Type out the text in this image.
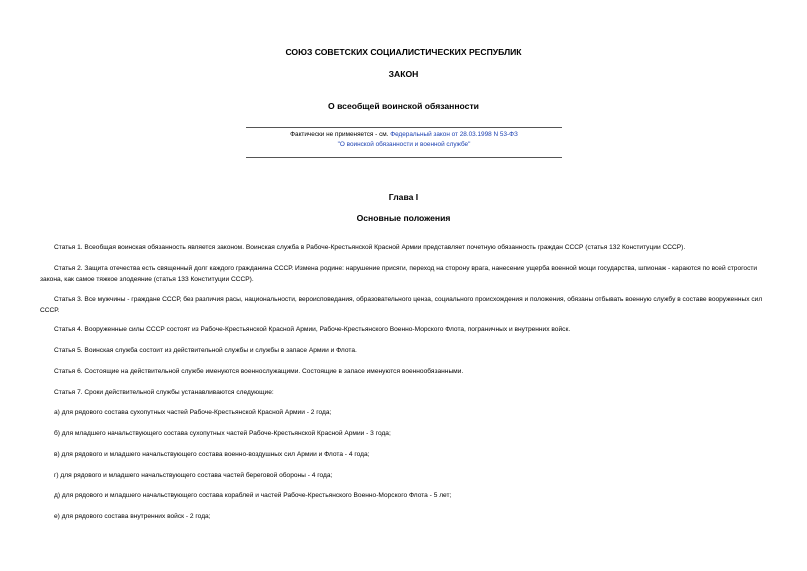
СОЮЗ СОВЕТСКИХ СОЦИАЛИСТИЧЕСКИХ РЕСПУБЛИК
ЗАКОН
О всеобщей воинской обязанности
Фактически не применяется - см. Федеральный закон от 28.03.1998 N 53-ФЗ
"О воинской обязанности и военной службе"
Глава I
Основные положения

Статья 1. Всеобщая воинская обязанность является законом. Воинская служба в Рабоче-Крестьянской Красной Армии представляет почетную обязанность граждан СССР (статья 132 Конституции СССР).

Статья 2. Защита отечества есть священный долг каждого гражданина СССР. Измена родине: нарушение присяги, переход на сторону врага, нанесение ущерба военной мощи государства, шпионаж - караются по всей строгости закона, как самое тяжкое злодеяние (статья 133 Конституции СССР).

Статья 3. Все мужчины - граждане СССР, без различия расы, национальности, вероисповедания, образовательного ценза, социального происхождения и положения, обязаны отбывать военную службу в составе вооруженных сил СССР.

Статья 4. Вооруженные силы СССР состоят из Рабоче-Крестьянской Красной Армии, Рабоче-Крестьянского Военно-Морского Флота, пограничных и внутренних войск.

Статья 5. Воинская служба состоит из действительной службы и службы в запасе Армии и Флота.

Статья 6. Состоящие на действительной службе именуются военнослужащими. Состоящие в запасе именуются военнообязанными.

Статья 7. Сроки действительной службы устанавливаются следующие:

а) для рядового состава сухопутных частей Рабоче-Крестьянской Красной Армии - 2 года;

б) для младшего начальствующего состава сухопутных частей Рабоче-Крестьянской Красной Армии - 3 года;

в) для рядового и младшего начальствующего состава военно-воздушных сил Армии и Флота - 4 года;

г) для рядового и младшего начальствующего состава частей береговой обороны - 4 года;

д) для рядового и младшего начальствующего состава кораблей и частей Рабоче-Крестьянского Военно-Морского Флота - 5 лет;

е) для рядового состава внутренних войск - 2 года;
